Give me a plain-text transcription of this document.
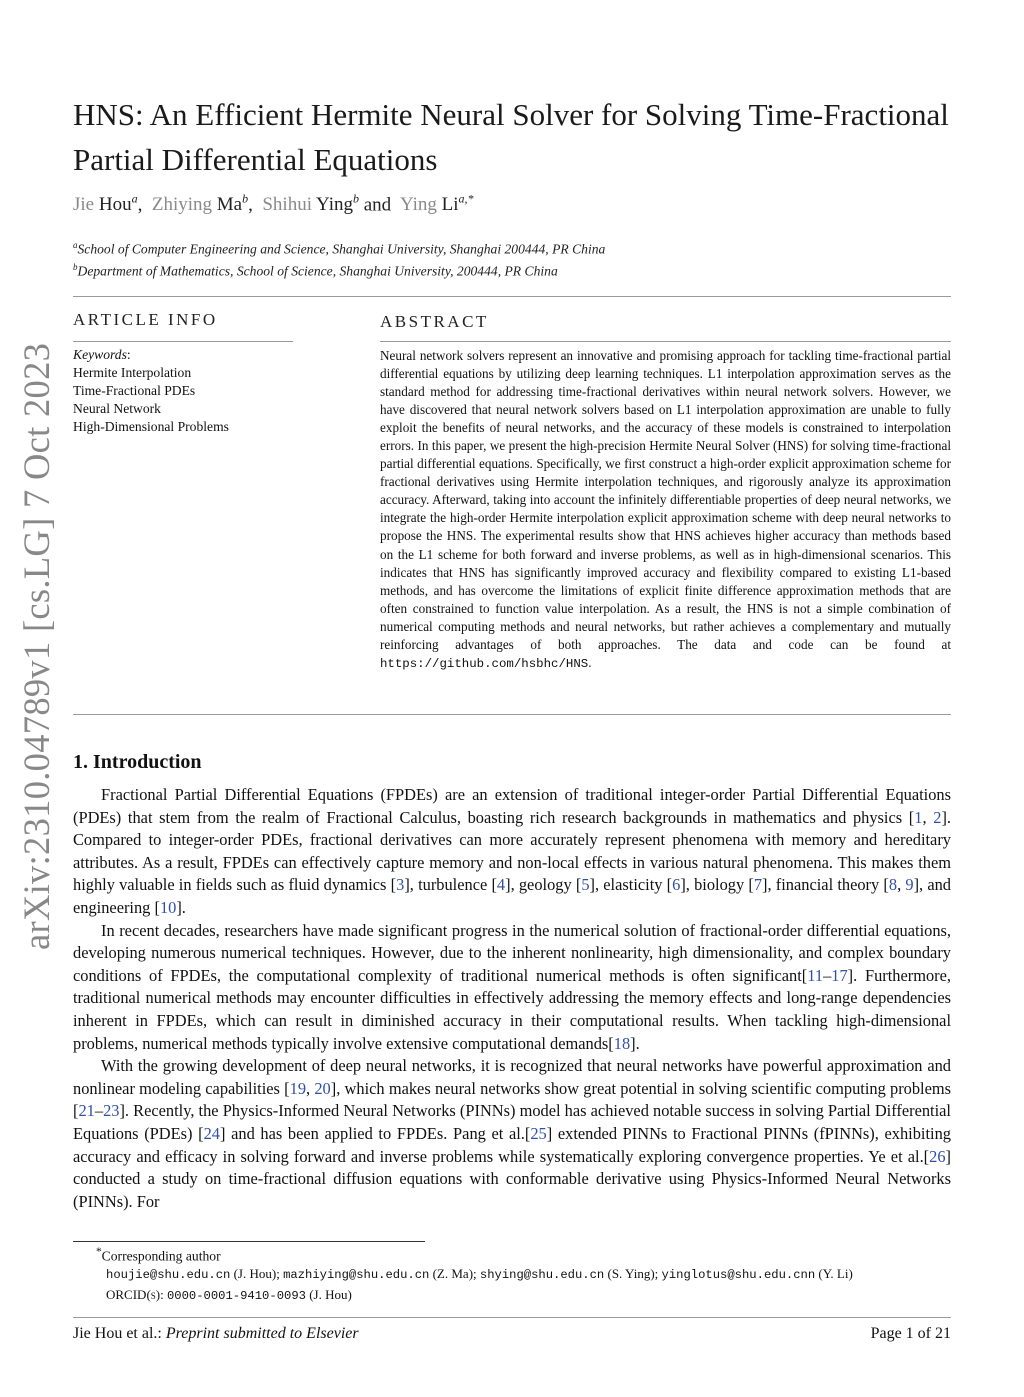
arXiv:2310.04789v1 [cs.LG] 7 Oct 2023
HNS: An Efficient Hermite Neural Solver for Solving Time-Fractional Partial Differential Equations
Jie Hou$^a$, Zhiying Ma$^b$, Shihui Ying$^b$ and Ying $Li^{a,*}$
$^a$School of Computer Engineering and Science, Shanghai University, Shanghai 200444, PR China
$^b$Department of Mathematics, School of Science, Shanghai University, 200444, PR China
ARTICLE INFO
Keywords:
Hermite Interpolation
Time-Fractional PDEs
Neural Network
High-Dimensional Problems
ABSTRACT
Neural network solvers represent an innovative and promising approach for tackling time-fractional partial differential equations by utilizing deep learning techniques. L1 interpolation approximation serves as the standard method for addressing time-fractional derivatives within neural network solvers. However, we have discovered that neural network solvers based on L1 interpolation approximation are unable to fully exploit the benefits of neural networks, and the accuracy of these models is constrained to interpolation errors. In this paper, we present the high-precision Hermite Neural Solver (HNS) for solving time-fractional partial differential equations. Specifically, we first construct a high-order explicit approximation scheme for fractional derivatives using Hermite interpolation techniques, and rigorously analyze its approximation accuracy. Afterward, taking into account the infinitely differentiable properties of deep neural networks, we integrate the high-order Hermite interpolation explicit approximation scheme with deep neural networks to propose the HNS. The experimental results show that HNS achieves higher accuracy than methods based on the L1 scheme for both forward and inverse problems, as well as in high-dimensional scenarios. This indicates that HNS has significantly improved accuracy and flexibility compared to existing L1-based methods, and has overcome the limitations of explicit finite difference approximation methods that are often constrained to function value interpolation. As a result, the HNS is not a simple combination of numerical computing methods and neural networks, but rather achieves a complementary and mutually reinforcing advantages of both approaches. The data and code can be found at https://github.com/hsbhc/HNS.
1. Introduction

Fractional Partial Differential Equations (FPDEs) are an extension of traditional integer-order Partial Differential Equations (PDEs) that stem from the realm of Fractional Calculus, boasting rich research backgrounds in mathematics and physics [1, 2]. Compared to integer-order PDEs, fractional derivatives can more accurately represent phenomena with memory and hereditary attributes. As a result, FPDEs can effectively capture memory and non-local effects in various natural phenomena. This makes them highly valuable in fields such as fluid dynamics [3], turbulence [4], geology [5], elasticity [6], biology [7], financial theory [8, 9], and engineering [10].

In recent decades, researchers have made significant progress in the numerical solution of fractional-order differential equations, developing numerous numerical techniques. However, due to the inherent nonlinearity, high dimensionality, and complex boundary conditions of FPDEs, the computational complexity of traditional numerical methods is often significant[11–17]. Furthermore, traditional numerical methods may encounter difficulties in effectively addressing the memory effects and long-range dependencies inherent in FPDEs, which can result in diminished accuracy in their computational results. When tackling high-dimensional problems, numerical methods typically involve extensive computational demands[18].

With the growing development of deep neural networks, it is recognized that neural networks have powerful approximation and nonlinear modeling capabilities [19, 20], which makes neural networks show great potential in solving scientific computing problems [21–23]. Recently, the Physics-Informed Neural Networks (PINNs) model has achieved notable success in solving Partial Differential Equations (PDEs) [24] and has been applied to FPDEs. Pang et al.[25] extended PINNs to Fractional PINNs (fPINNs), exhibiting accuracy and efficacy in solving forward and inverse problems while systematically exploring convergence properties. Ye et al.[26] conducted a study on time-fractional diffusion equations with conformable derivative using Physics-Informed Neural Networks (PINNs). For

*Corresponding author
houjie@shu.edu.cn (J. Hou); mazhiying@shu.edu.cn (Z. Ma); shying@shu.edu.cn (S. Ying); yinglotus@shu.edu.cnn (Y. Li)
ORCID(s): 0000-0001-9410-0093 (J. Hou)
Jie Hou et al.: Preprint submitted to Elsevier	Page 1 of 21
